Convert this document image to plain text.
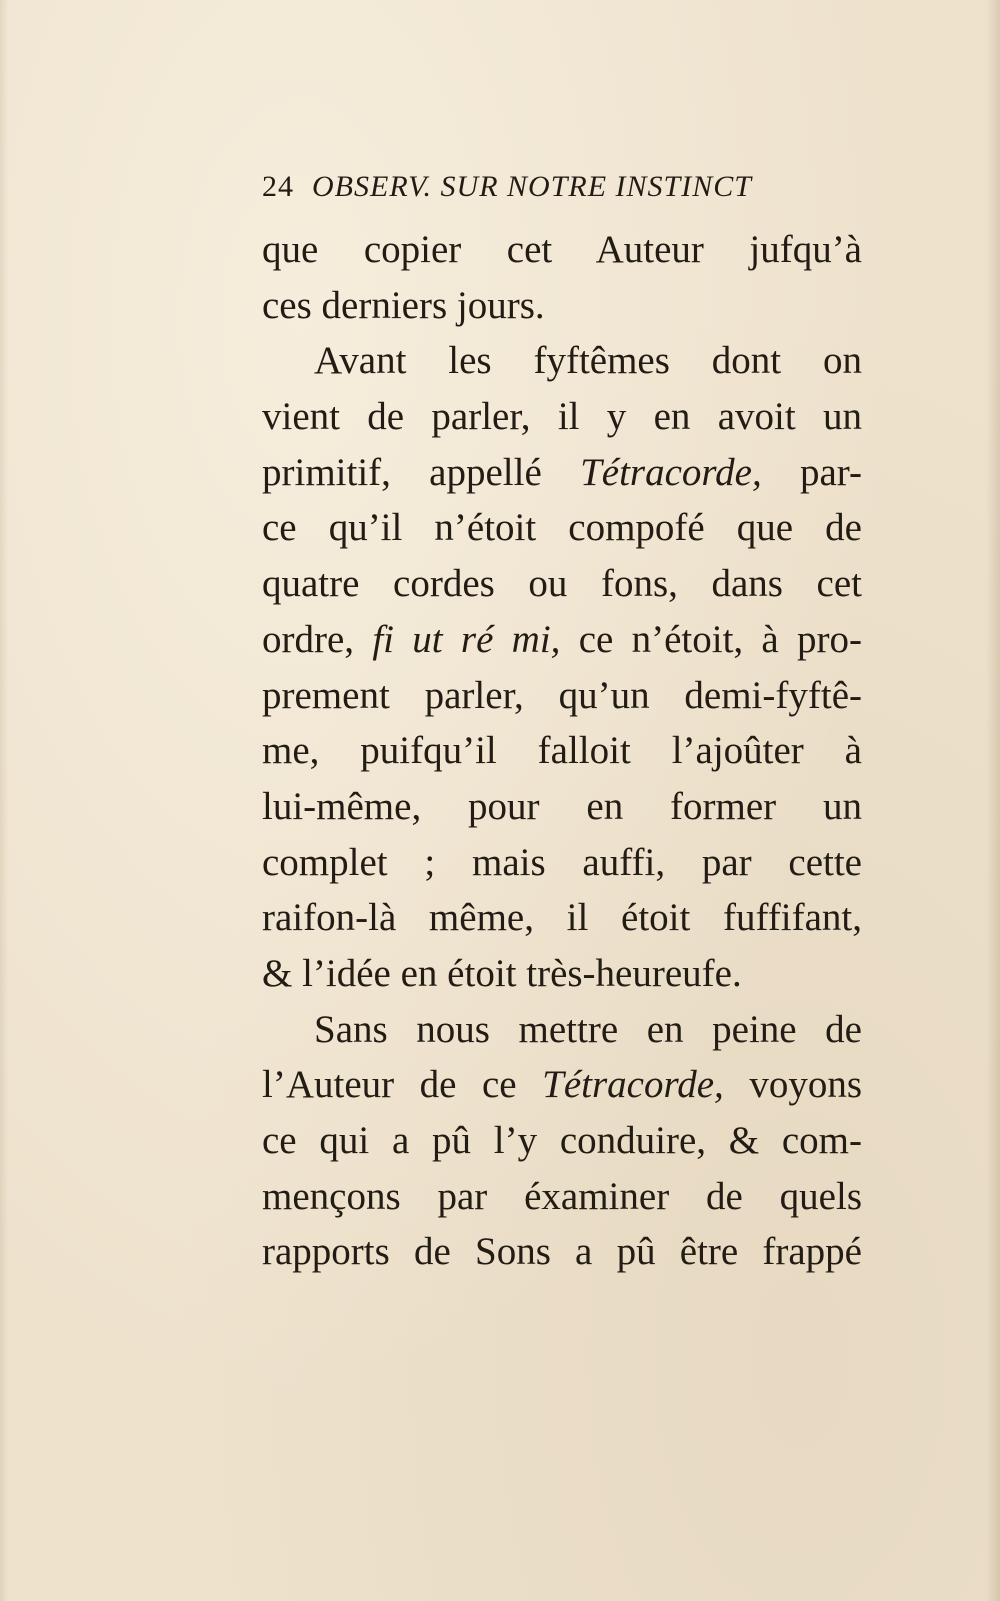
24 OBSERV. SUR NOTRE INSTINCT
que copier cet Auteur jufqu’à
ces derniers jours.
Avant les fyftêmes dont on
vient de parler, il y en avoit un
primitif, appellé Tétracorde, par-
ce qu’il n’étoit compofé que de
quatre cordes ou fons, dans cet
ordre, fi ut ré mi, ce n’étoit, à pro-
prement parler, qu’un demi-fyftê-
me, puifqu’il falloit l’ajoûter à
lui-même, pour en former un
complet ; mais auffi, par cette
raifon-là même, il étoit fuffifant,
& l’idée en étoit très-heureufe.
Sans nous mettre en peine de
l’Auteur de ce Tétracorde, voyons
ce qui a pû l’y conduire, & com-
mençons par éxaminer de quels
rapports de Sons a pû être frappé
